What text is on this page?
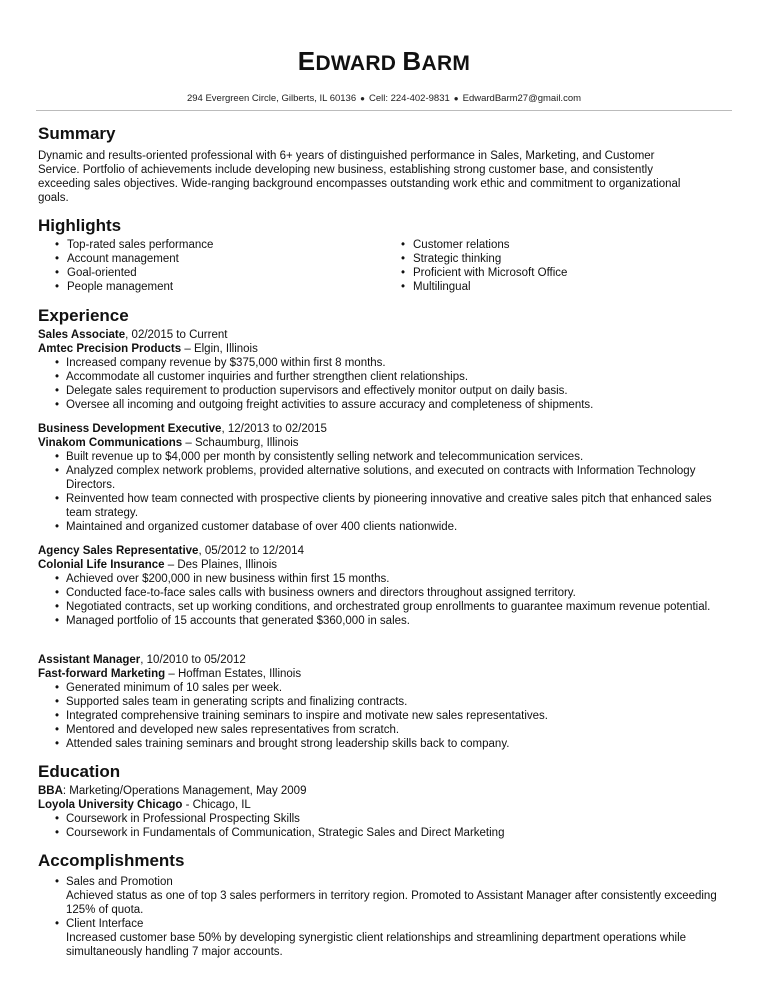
EDWARD BARM
294 Evergreen Circle, Gilberts, IL 60136 ● Cell: 224-402-9831 ● EdwardBarm27@gmail.com
Summary
Dynamic and results-oriented professional with 6+ years of distinguished performance in Sales, Marketing, and Customer Service. Portfolio of achievements include developing new business, establishing strong customer base, and consistently exceeding sales objectives. Wide-ranging background encompasses outstanding work ethic and commitment to organizational goals.
Highlights
• Top-rated sales performance
• Account management
• Goal-oriented
• People management
• Customer relations
• Strategic thinking
• Proficient with Microsoft Office
• Multilingual
Experience
Sales Associate, 02/2015 to Current
Amtec Precision Products – Elgin, Illinois
• Increased company revenue by $375,000 within first 8 months.
• Accommodate all customer inquiries and further strengthen client relationships.
• Delegate sales requirement to production supervisors and effectively monitor output on daily basis.
• Oversee all incoming and outgoing freight activities to assure accuracy and completeness of shipments.
Business Development Executive, 12/2013 to 02/2015
Vinakom Communications – Schaumburg, Illinois
• Built revenue up to $4,000 per month by consistently selling network and telecommunication services.
• Analyzed complex network problems, provided alternative solutions, and executed on contracts with Information Technology Directors.
• Reinvented how team connected with prospective clients by pioneering innovative and creative sales pitch that enhanced sales team strategy.
• Maintained and organized customer database of over 400 clients nationwide.
Agency Sales Representative, 05/2012 to 12/2014
Colonial Life Insurance – Des Plaines, Illinois
• Achieved over $200,000 in new business within first 15 months.
• Conducted face-to-face sales calls with business owners and directors throughout assigned territory.
• Negotiated contracts, set up working conditions, and orchestrated group enrollments to guarantee maximum revenue potential.
• Managed portfolio of 15 accounts that generated $360,000 in sales.
Assistant Manager, 10/2010 to 05/2012
Fast-forward Marketing – Hoffman Estates, Illinois
• Generated minimum of 10 sales per week.
• Supported sales team in generating scripts and finalizing contracts.
• Integrated comprehensive training seminars to inspire and motivate new sales representatives.
• Mentored and developed new sales representatives from scratch.
• Attended sales training seminars and brought strong leadership skills back to company.
Education
BBA: Marketing/Operations Management, May 2009
Loyola University Chicago - Chicago, IL
• Coursework in Professional Prospecting Skills
• Coursework in Fundamentals of Communication, Strategic Sales and Direct Marketing
Accomplishments
• Sales and Promotion
Achieved status as one of top 3 sales performers in territory region. Promoted to Assistant Manager after consistently exceeding 125% of quota.
• Client Interface
Increased customer base 50% by developing synergistic client relationships and streamlining department operations while simultaneously handling 7 major accounts.
